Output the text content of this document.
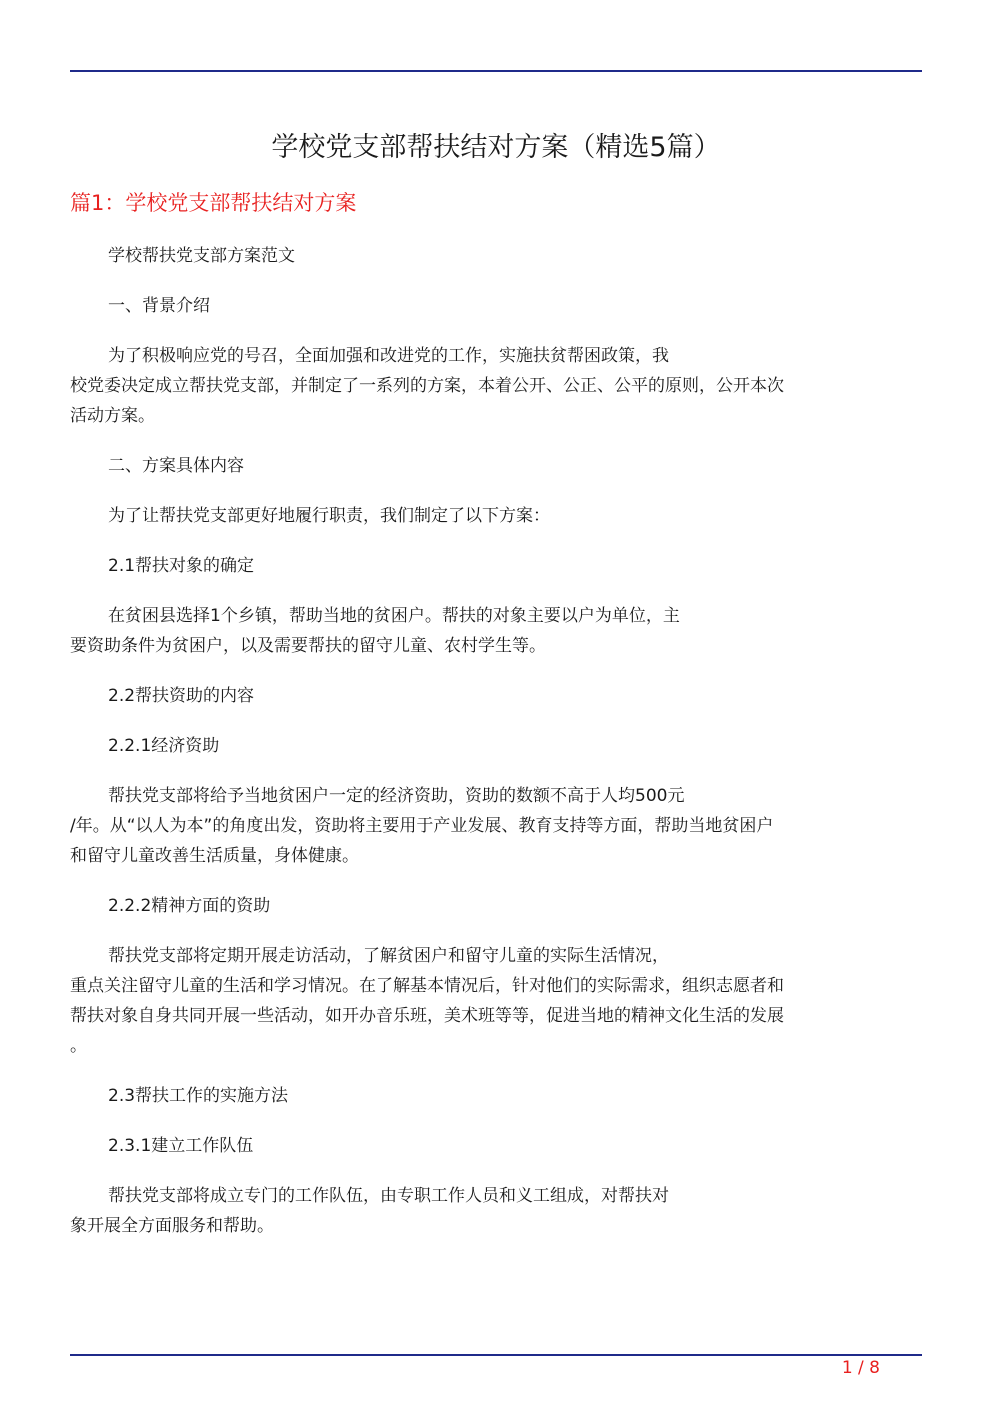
学校党支部帮扶结对方案（精选5篇）
篇1：学校党支部帮扶结对方案
学校帮扶党支部方案范文
一、背景介绍
为了积极响应党的号召，全面加强和改进党的工作，实施扶贫帮困政策，我
校党委决定成立帮扶党支部，并制定了一系列的方案，本着公开、公正、公平的原则，公开本次
活动方案。
二、方案具体内容
为了让帮扶党支部更好地履行职责，我们制定了以下方案：
2.1帮扶对象的确定
在贫困县选择1个乡镇，帮助当地的贫困户。帮扶的对象主要以户为单位，主
要资助条件为贫困户，以及需要帮扶的留守儿童、农村学生等。
2.2帮扶资助的内容
2.2.1经济资助
帮扶党支部将给予当地贫困户一定的经济资助，资助的数额不高于人均500元
/年。从“以人为本”的角度出发，资助将主要用于产业发展、教育支持等方面，帮助当地贫困户
和留守儿童改善生活质量，身体健康。
2.2.2精神方面的资助
帮扶党支部将定期开展走访活动，了解贫困户和留守儿童的实际生活情况，
重点关注留守儿童的生活和学习情况。在了解基本情况后，针对他们的实际需求，组织志愿者和
帮扶对象自身共同开展一些活动，如开办音乐班，美术班等等，促进当地的精神文化生活的发展
。
2.3帮扶工作的实施方法
2.3.1建立工作队伍
帮扶党支部将成立专门的工作队伍，由专职工作人员和义工组成，对帮扶对
象开展全方面服务和帮助。
1 / 8
